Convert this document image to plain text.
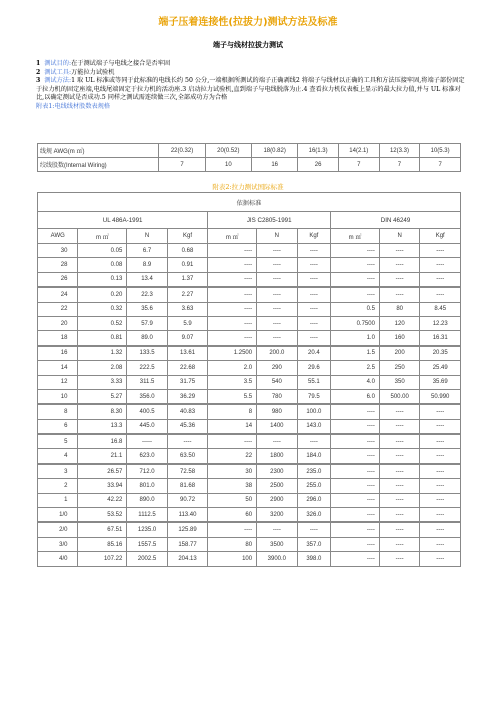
端子压着连接性(拉拔力)测试方法及标准
端子与线材拉拔力测试

1 测试目的:在于测试端子与电线之接合是否牢固

2 测试工具:万能拉力试验机

3 测试方法:1 取 UL 标准或等同于此标准的电线长约 50 公分,一端根据所测试的端子正确剥线2 将端子与线材以正确的工具和方法压接牢固,将端子部份固定于拉力机的固定座端,电线尾端固定于拉力机的活动座.3 启动拉力试验机,直到端子与电线脱落为止.4 查看拉力机仪表板上显示的最大拉力值,并与 UL 标准对比,以确定测试是否成功.5 同样之测试需连续做三次,全部成功方为合格

附表1:电线线材股数表规格

线规 AWG(m ㎡)	22(0.32)	20(0.52)	18(0.82)	16(1.3)	14(2.1)	12(3.3)	10(5.3)
绞线股数(Internal Wiring)	7	10	16	26	7	7	7
附表2:拉力测试国际标准
依据标准									
UL 486A-1991				JIS C2805-1991			DIN 46249		
AWG	m ㎡	N	Kgf	m ㎡	N	Kgf	m ㎡	N	Kgf
30	0.05	6.7	0.68	----	----	----	----	----	----
28	0.08	8.9	0.91	----	----	----	----	----	----
26	0.13	13.4	1.37	----	----	----	----	----	----
24	0.20	22.3	2.27	----	----	----	----	----	----
22	0.32	35.6	3.63	----	----	----	0.5	80	8.45
20	0.52	57.9	5.9	----	----	----	0.7500	120	12.23
18	0.81	89.0	9.07	----	----	----	1.0	160	16.31
16	1.32	133.5	13.61	1.2500	200.0	20.4	1.5	200	20.35
14	2.08	222.5	22.68	2.0	290	29.6	2.5	250	25.49
12	3.33	311.5	31.75	3.5	540	55.1	4.0	350	35.69
10	5.27	356.0	36.29	5.5	780	79.5	6.0	500.00	50.990
8	8.30	400.5	40.83	8	980	100.0	----	----	----
6	13.3	445.0	45.36	14	1400	143.0	----	----	----
5	16.8	-----	----	----	----	----	----	----	----
4	21.1	623.0	63.50	22	1800	184.0	----	----	----
3	26.57	712.0	72.58	30	2300	235.0	----	----	----
2	33.94	801.0	81.68	38	2500	255.0	----	----	----
1	42.22	890.0	90.72	50	2900	296.0	----	----	----
1/0	53.52	1112.5	113.40	60	3200	326.0	----	----	----
2/0	67.51	1235.0	125.89	----	----	----	----	----	----
3/0	85.16	1557.5	158.77	80	3500	357.0	----	----	----
4/0	107.22	2002.5	204.13	100	3900.0	398.0	----	----	----
